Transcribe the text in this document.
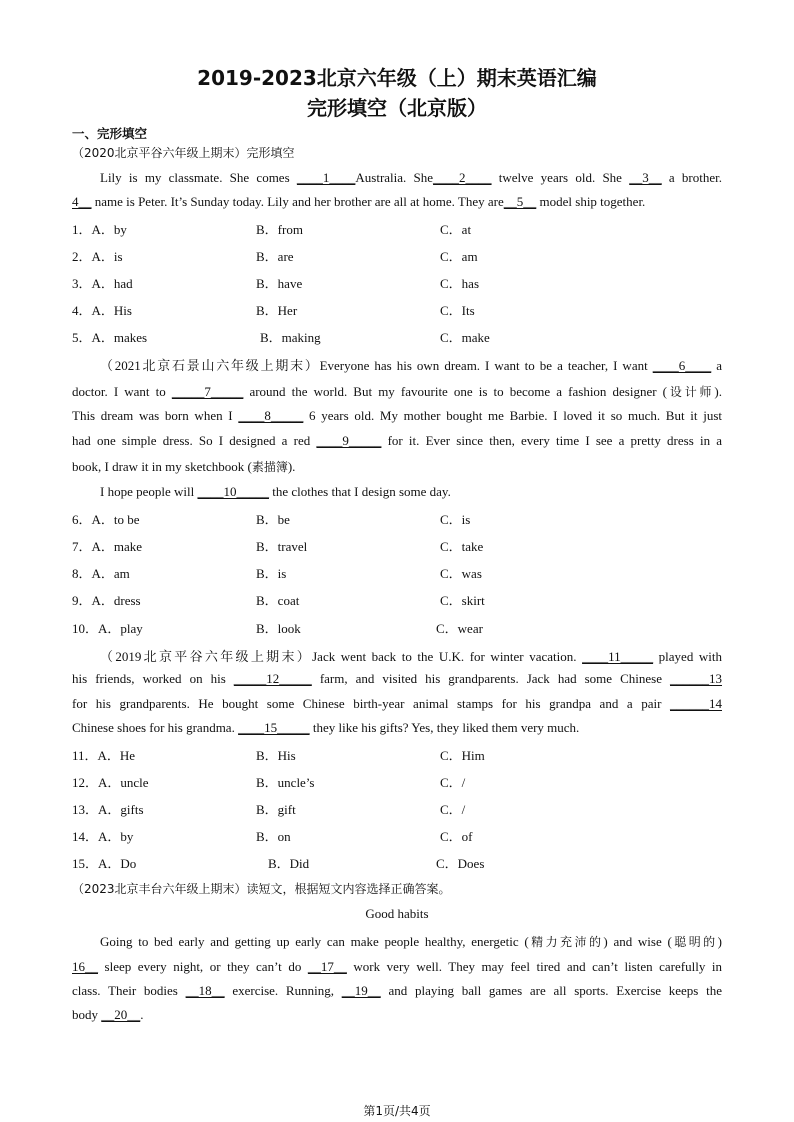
2019-2023北京六年级（上）期末英语汇编
完形填空（北京版）
一、完形填空
（2020北京平谷六年级上期末）完形填空
Lily is my classmate. She comes ____1____Australia. She____2____ twelve years old. She __3__ a brother.
4__ name is Peter. It’s Sunday today. Lily and her brother are all at home. They are__5__ model ship together.
1．A．by	B．from	C．at
2．A．is	B．are	C．am
3．A．had	B．have	C．has
4．A．His	B．Her	C．Its
5．A．makes	B．making	C．make
（2021北京石景山六年级上期末）Everyone has his own dream. I want to be a teacher, I want ____6____ a
doctor. I want to _____7_____ around the world. But my favourite one is to become a fashion designer (设计师).
This dream was born when I ____8_____ 6 years old. My mother bought me Barbie. I loved it so much. But it just
had one simple dress. So I designed a red ____9_____ for it. Ever since then, every time I see a pretty dress in a
book, I draw it in my sketchbook (素描簿).
I hope people will ____10_____ the clothes that I design some day.
6．A．to be	B．be	C．is
7．A．make	B．travel	C．take
8．A．am	B．is	C．was
9．A．dress	B．coat	C．skirt
10．A．play	B．look	C．wear
（2019北京平谷六年级上期末）Jack went back to the U.K. for winter vacation. ____11_____ played with
his friends, worked on his _____12_____ farm, and visited his grandparents. Jack had some Chinese ______13
for his grandparents. He bought some Chinese birth-year animal stamps for his grandpa and a pair ______14
Chinese shoes for his grandma. ____15_____ they like his gifts? Yes, they liked them very much.
11．A．He	B．His	C．Him
12．A．uncle	B．uncle’s	C．/
13．A．gifts	B．gift	C．/
14．A．by	B．on	C．of
15．A．Do	B．Did	C．Does
（2023北京丰台六年级上期末）读短文，根据短文内容选择正确答案。
Good habits
Going to bed early and getting up early can make people healthy, energetic (精力充沛的) and wise (聪明的)
16__ sleep every night, or they can’t do __17__ work very well. They may feel tired and can’t listen carefully in
class. Their bodies __18__ exercise. Running, __19__ and playing ball games are all sports. Exercise keeps the
body __20__.
第1页/共4页
